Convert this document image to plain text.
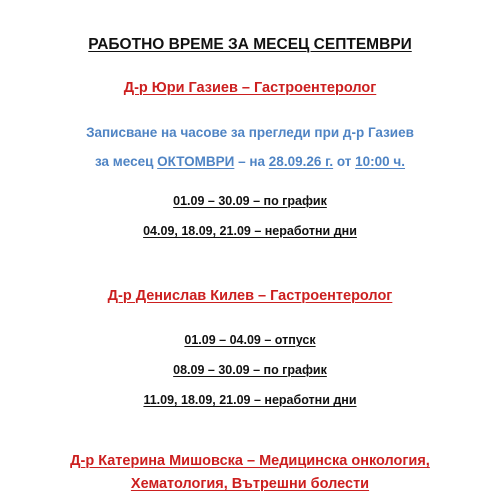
РАБОТНО ВРЕМЕ ЗА МЕСЕЦ СЕПТЕМВРИ
Д-р Юри Газиев – Гастроентеролог
Записване на часове за прегледи при д-р Газиев
за месец ОКТОМВРИ – на 28.09.26 г. от 10:00 ч.
01.09 – 30.09 – по график
04.09, 18.09, 21.09 – неработни дни
Д-р Денислав Килев – Гастроентеролог
01.09 – 04.09 – отпуск
08.09 – 30.09 – по график
11.09, 18.09, 21.09 – неработни дни
Д-р Катерина Мишовска – Медицинска онкология,
Хематология, Вътрешни болести
